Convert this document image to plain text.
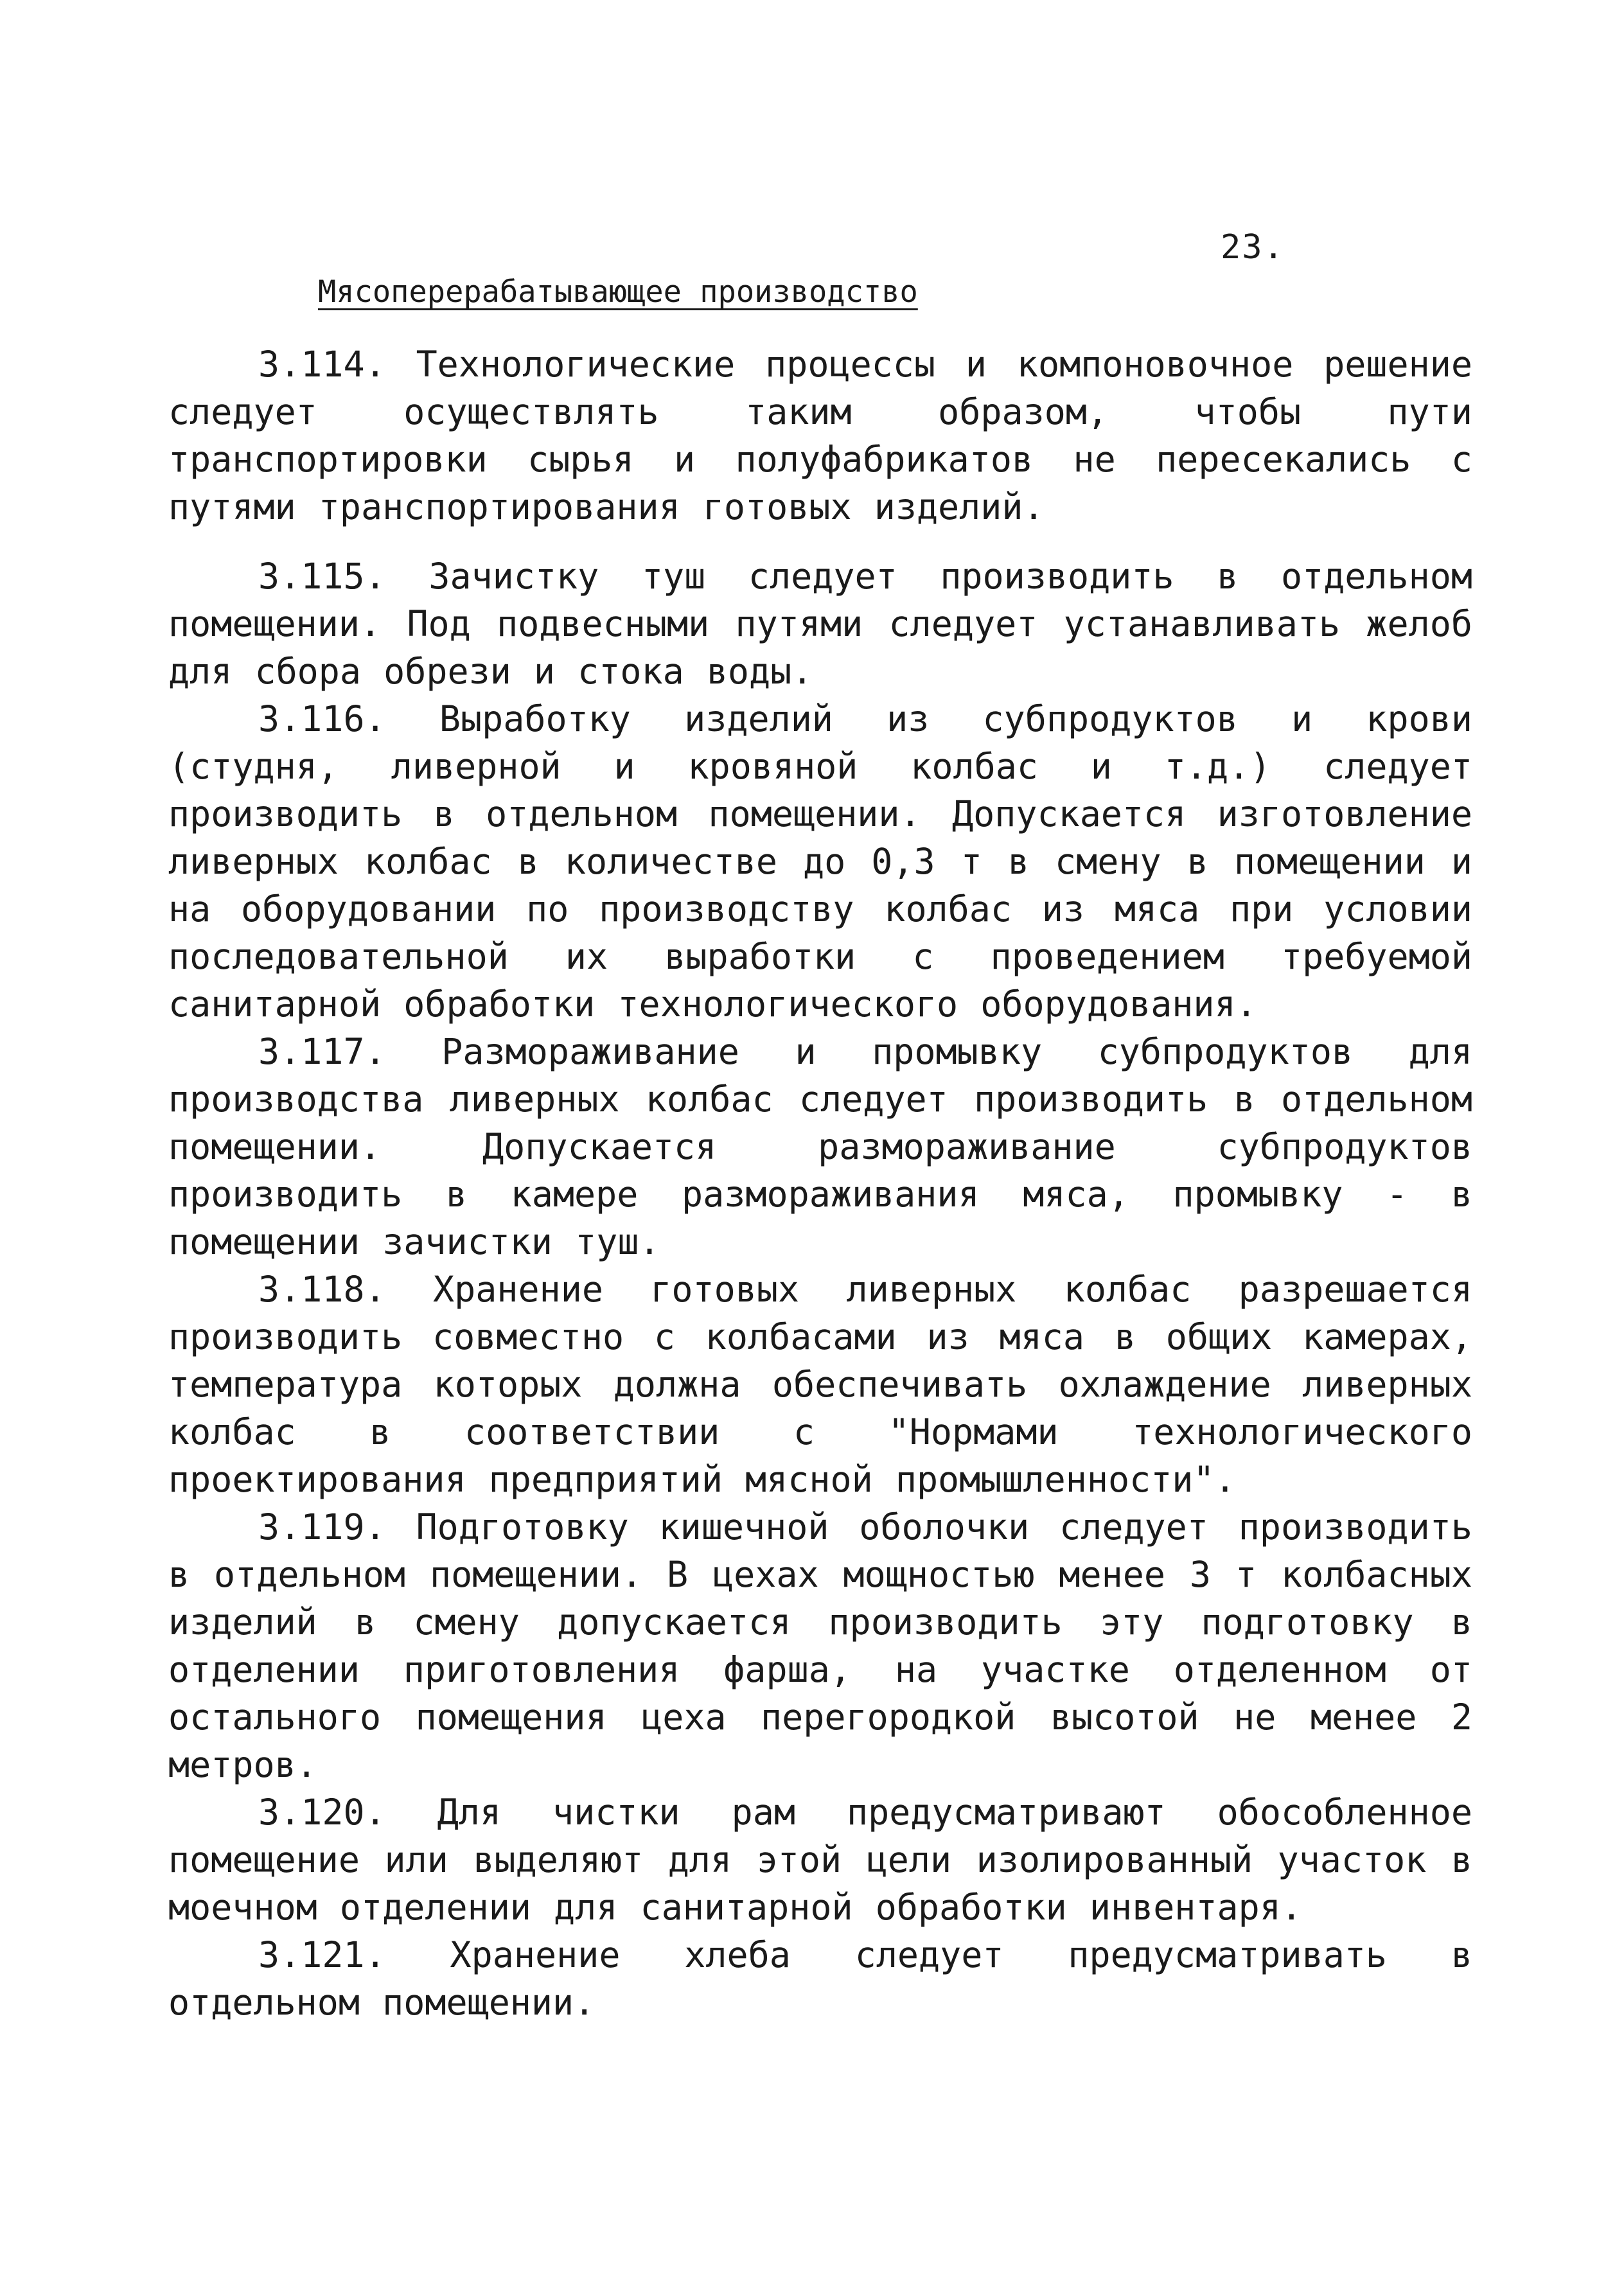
23.
Мясоперерабатывающее производство

3.114. Технологические процессы и компоновочное решение следует осуществлять таким образом, чтобы пути транспортировки сырья и полуфабрикатов не пересекались с путями транспортирования готовых изделий.

3.115. Зачистку туш следует производить в отдельном помещении. Под подвесными путями следует устанавливать желоб для сбора обрези и стока воды.

3.116. Выработку изделий из субпродуктов и крови (студня, ливерной и кровяной колбас и т.д.) следует производить в отдельном помещении. Допускается изготовление ливерных колбас в количестве до 0,3 т в смену в помещении и на оборудовании по производству колбас из мяса при условии последовательной их выработки с проведением требуемой санитарной обработки технологического оборудования.

3.117. Размораживание и промывку субпродуктов для производства ливерных колбас следует производить в отдельном помещении. Допускается размораживание субпродуктов производить в камере размораживания мяса, промывку - в помещении зачистки туш.

3.118. Хранение готовых ливерных колбас разрешается производить совместно с колбасами из мяса в общих камерах, температура которых должна обеспечивать охлаждение ливерных колбас в соответствии с "Нормами технологического проектирования предприятий мясной промышленности".

3.119. Подготовку кишечной оболочки следует производить в отдельном помещении. В цехах мощностью менее 3 т колбасных изделий в смену допускается производить эту подготовку в отделении приготовления фарша, на участке отделенном от остального помещения цеха перегородкой высотой не менее 2 метров.

3.120. Для чистки рам предусматривают обособленное помещение или выделяют для этой цели изолированный участок в моечном отделении для санитарной обработки инвентаря.

3.121. Хранение хлеба следует предусматривать в отдельном помещении.
